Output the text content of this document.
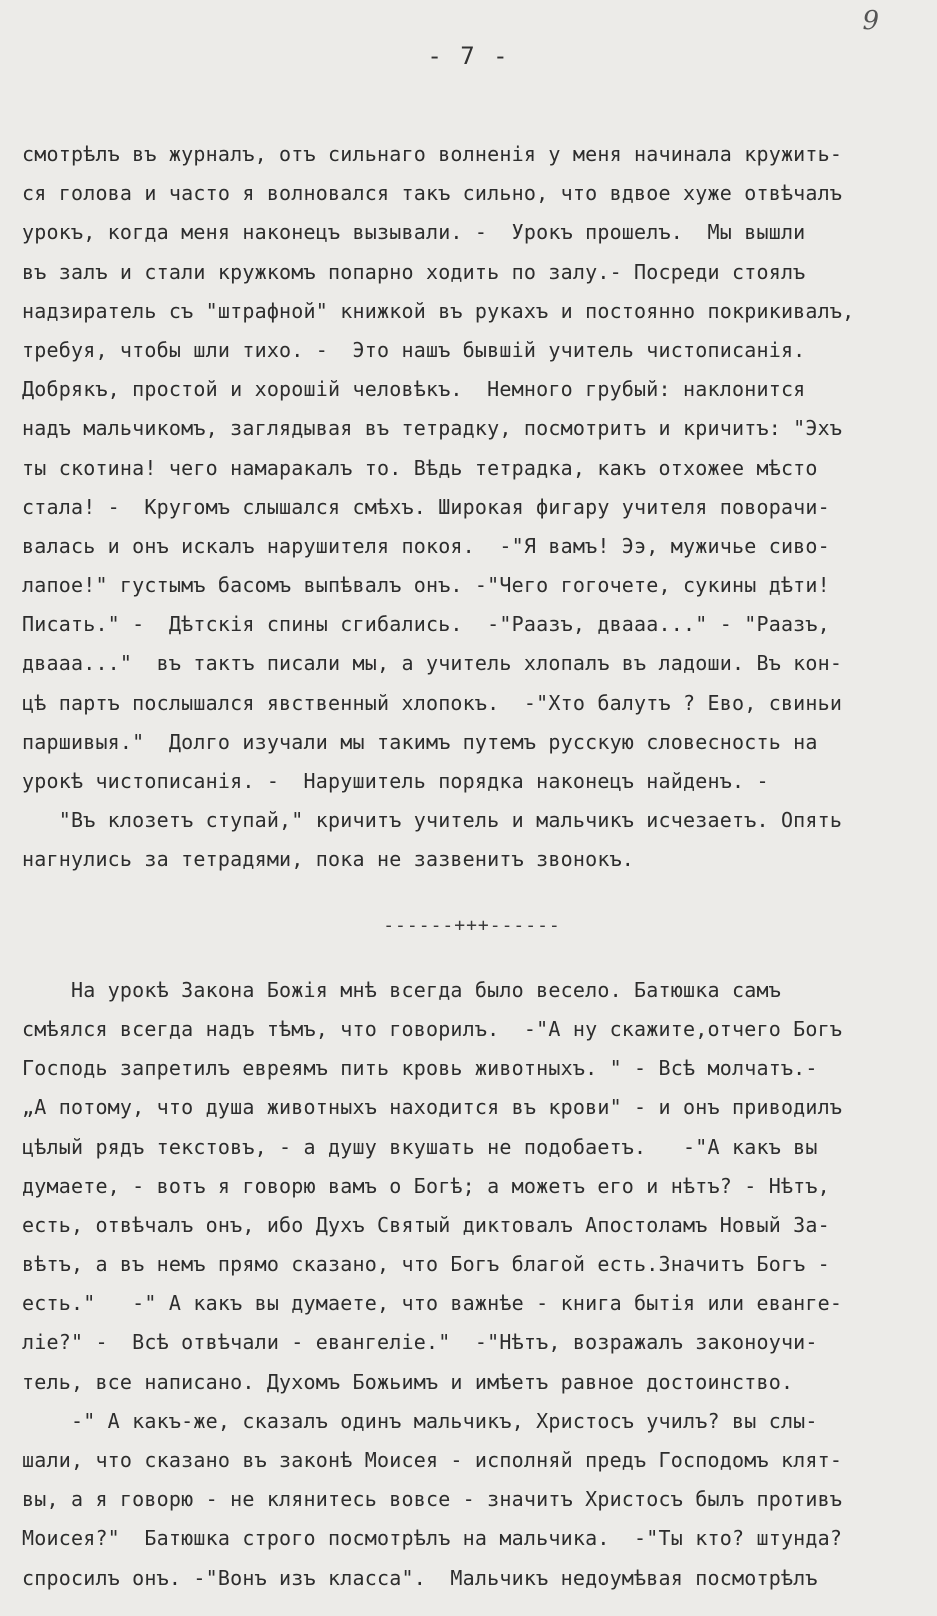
- 7 -
9
смотрѣлъ въ журналъ, отъ сильнаго волненія у меня начинала кружить-
ся голова и часто я волновался такъ сильно, что вдвое хуже отвѣчалъ
урокъ, когда меня наконецъ вызывали. -  Урокъ прошелъ.  Мы вышли
въ залъ и стали кружкомъ попарно ходить по залу.- Посреди стоялъ
надзиратель съ "штрафной" книжкой въ рукахъ и постоянно покрикивалъ,
требуя, чтобы шли тихо. -  Это нашъ бывшій учитель чистописанія.
Добрякъ, простой и хорошій человѣкъ.  Немного грубый: наклонится
надъ мальчикомъ, заглядывая въ тетрадку, посмотритъ и кричитъ: "Эхъ
ты скотина! чего намаракалъ то. Вѣдь тетрадка, какъ отхожее мѣсто
стала! -  Кругомъ слышался смѣхъ. Широкая фигару учителя поворачи-
валась и онъ искалъ нарушителя покоя.  -"Я вамъ! Ээ, мужичье сиво-
лапое!" густымъ басомъ выпѣвалъ онъ. -"Чего гогочете, сукины дѣти!
Писать." -  Дѣтскія спины сгибались.  -"Раазъ, двааа..." - "Раазъ,
двааа..."  въ тактъ писали мы, а учитель хлопалъ въ ладоши. Въ кон-
цѣ партъ послышался явственный хлопокъ.  -"Хто балутъ ? Ево, свиньи
паршивыя."  Долго изучали мы такимъ путемъ русскую словесность на
урокѣ чистописанія. -  Нарушитель порядка наконецъ найденъ. -
"Въ клозетъ ступай," кричитъ учитель и мальчикъ исчезаетъ. Опять
нагнулись за тетрадями, пока не зазвенитъ звонокъ.
------+++------
На урокѣ Закона Божія мнѣ всегда было весело. Батюшка самъ
смѣялся всегда надъ тѣмъ, что говорилъ.  -"А ну скажите,отчего Богъ
Господь запретилъ евреямъ пить кровь животныхъ. " - Всѣ молчатъ.-
„А потому, что душа животныхъ находится въ крови" - и онъ приводилъ
цѣлый рядъ текстовъ, - а душу вкушать не подобаетъ.   -"А какъ вы
думаете, - вотъ я говорю вамъ о Богѣ; а можетъ его и нѣтъ? - Нѣтъ,
есть, отвѣчалъ онъ, ибо Духъ Святый диктовалъ Апостоламъ Новый За-
вѣтъ, а въ немъ прямо сказано, что Богъ благой есть.Значитъ Богъ -
есть."   -" А какъ вы думаете, что важнѣе - книга бытія или еванге-
ліе?" -  Всѣ отвѣчали - евангеліе."  -"Нѣтъ, возражалъ законоучи-
тель, все написано. Духомъ Божьимъ и имѣетъ равное достоинство.
-" А какъ-же, сказалъ одинъ мальчикъ, Христосъ училъ? вы слы-
шали, что сказано въ законѣ Моисея - исполняй предъ Господомъ клят-
вы, а я говорю - не клянитесь вовсе - значитъ Христосъ былъ противъ
Моисея?"  Батюшка строго посмотрѣлъ на мальчика.  -"Ты кто? штунда?
спросилъ онъ. -"Вонъ изъ класса".  Мальчикъ недоумѣвая посмотрѣлъ
